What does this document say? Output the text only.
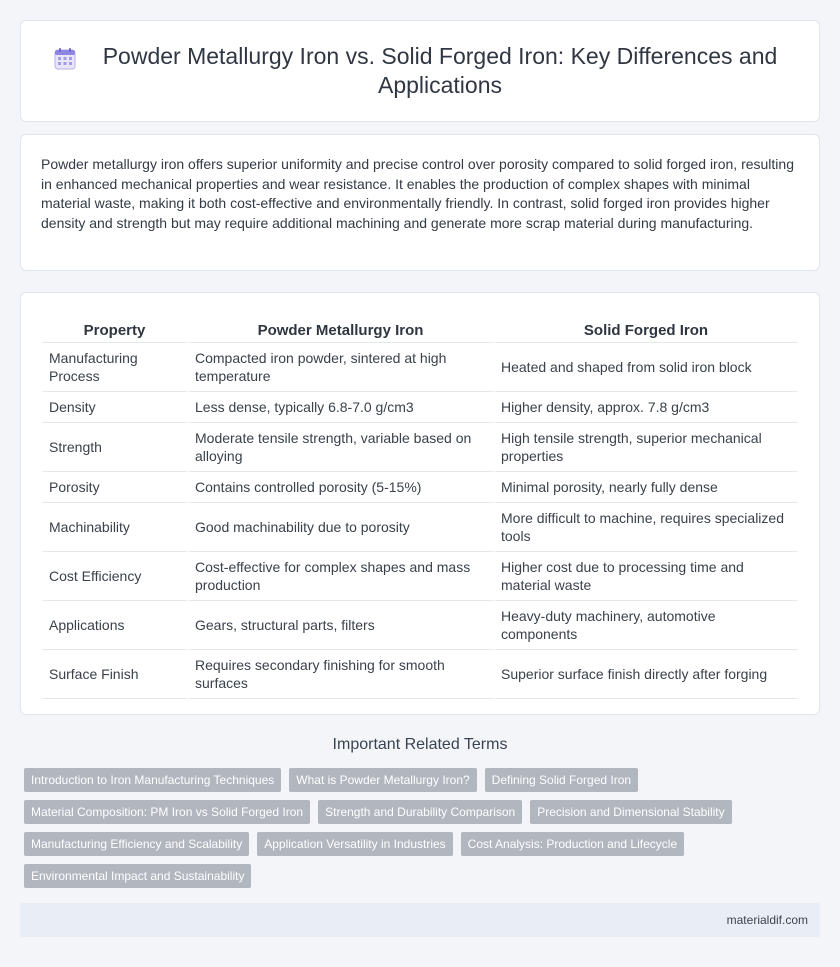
Powder Metallurgy Iron vs. Solid Forged Iron: Key Differences and Applications

Powder metallurgy iron offers superior uniformity and precise control over porosity compared to solid forged iron, resulting in enhanced mechanical properties and wear resistance. It enables the production of complex shapes with minimal material waste, making it both cost-effective and environmentally friendly. In contrast, solid forged iron provides higher density and strength but may require additional machining and generate more scrap material during manufacturing.

Property	Powder Metallurgy Iron	Solid Forged Iron
Manufacturing Process	Compacted iron powder, sintered at high temperature	Heated and shaped from solid iron block
Density	Less dense, typically 6.8-7.0 g/cm3	Higher density, approx. 7.8 g/cm3
Strength	Moderate tensile strength, variable based on alloying	High tensile strength, superior mechanical properties
Porosity	Contains controlled porosity (5-15%)	Minimal porosity, nearly fully dense
Machinability	Good machinability due to porosity	More difficult to machine, requires specialized tools
Cost Efficiency	Cost-effective for complex shapes and mass production	Higher cost due to processing time and material waste
Applications	Gears, structural parts, filters	Heavy-duty machinery, automotive components
Surface Finish	Requires secondary finishing for smooth surfaces	Superior surface finish directly after forging
Important Related Terms
Introduction to Iron Manufacturing Techniques	What is Powder Metallurgy Iron?	Defining Solid Forged Iron
Material Composition: PM Iron vs Solid Forged Iron	Strength and Durability Comparison	Precision and Dimensional Stability
Manufacturing Efficiency and Scalability	Application Versatility in Industries	Cost Analysis: Production and Lifecycle
Environmental Impact and Sustainability
materialdif.com
